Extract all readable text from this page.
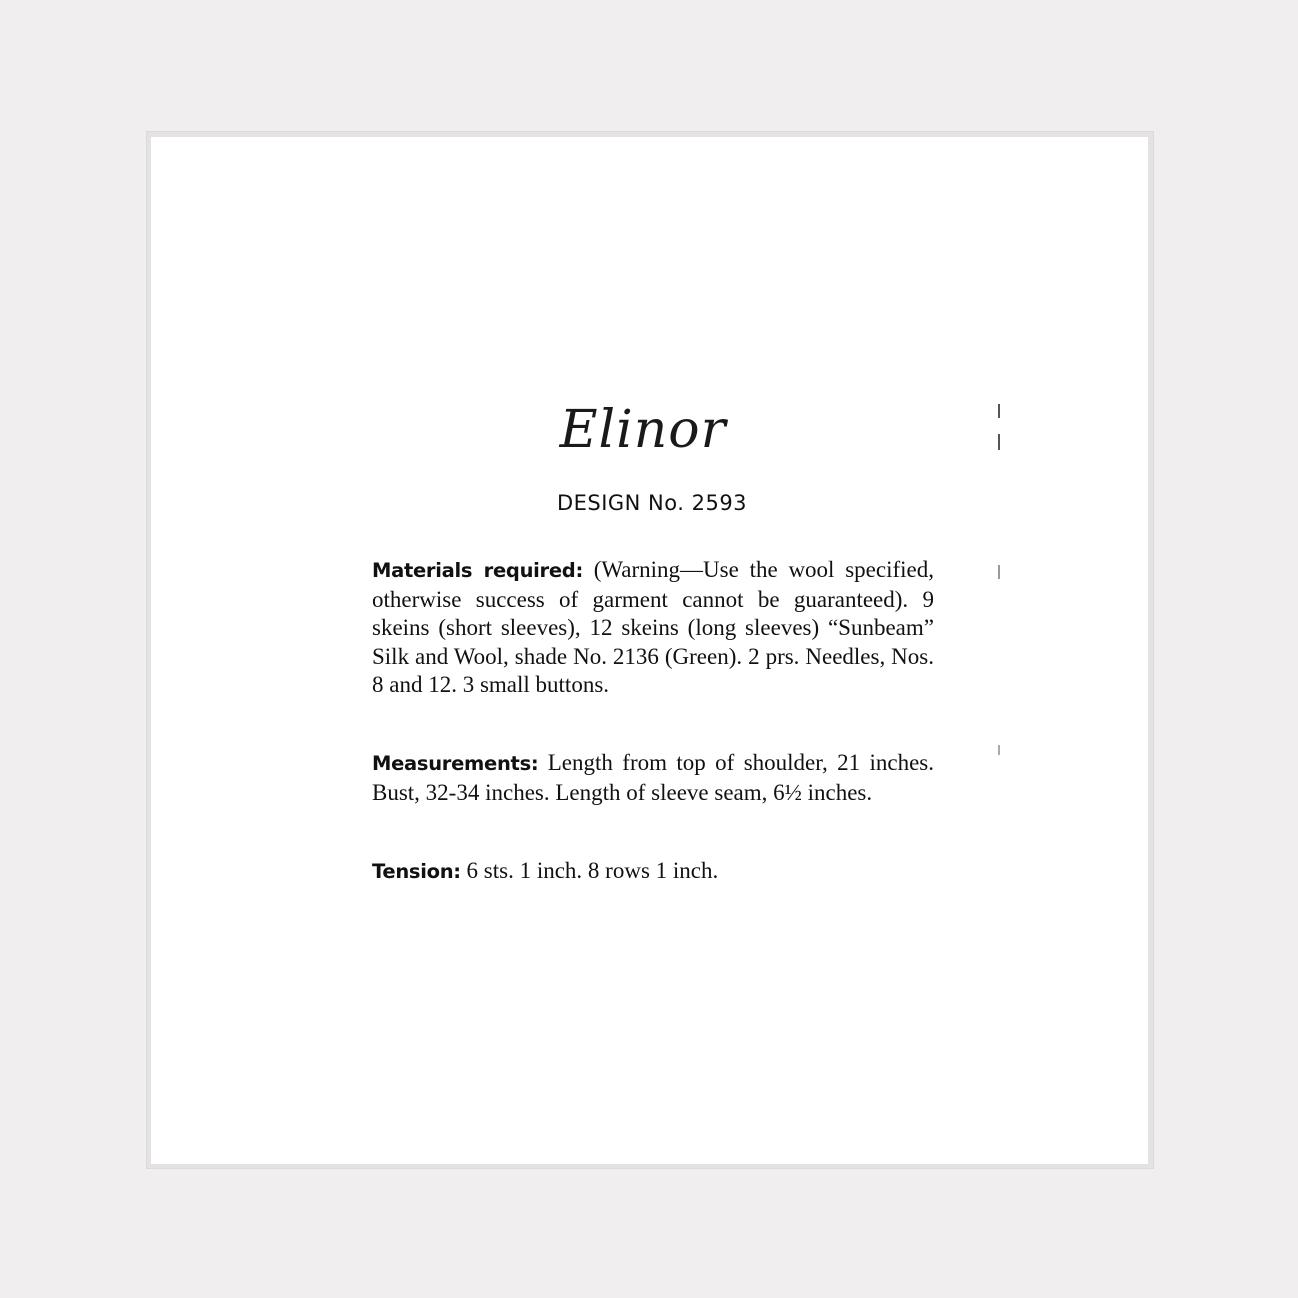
Elinor
DESIGN No. 2593

Materials required: (Warning—Use the wool specified, otherwise success of garment cannot be guaranteed). 9 skeins (short sleeves), 12 skeins (long sleeves) “Sunbeam” Silk and Wool, shade No. 2136 (Green). 2 prs. Needles, Nos. 8 and 12. 3 small buttons.

Measurements: Length from top of shoulder, 21 inches. Bust, 32-34 inches. Length of sleeve seam, 6½ inches.

Tension: 6 sts. 1 inch. 8 rows 1 inch.
